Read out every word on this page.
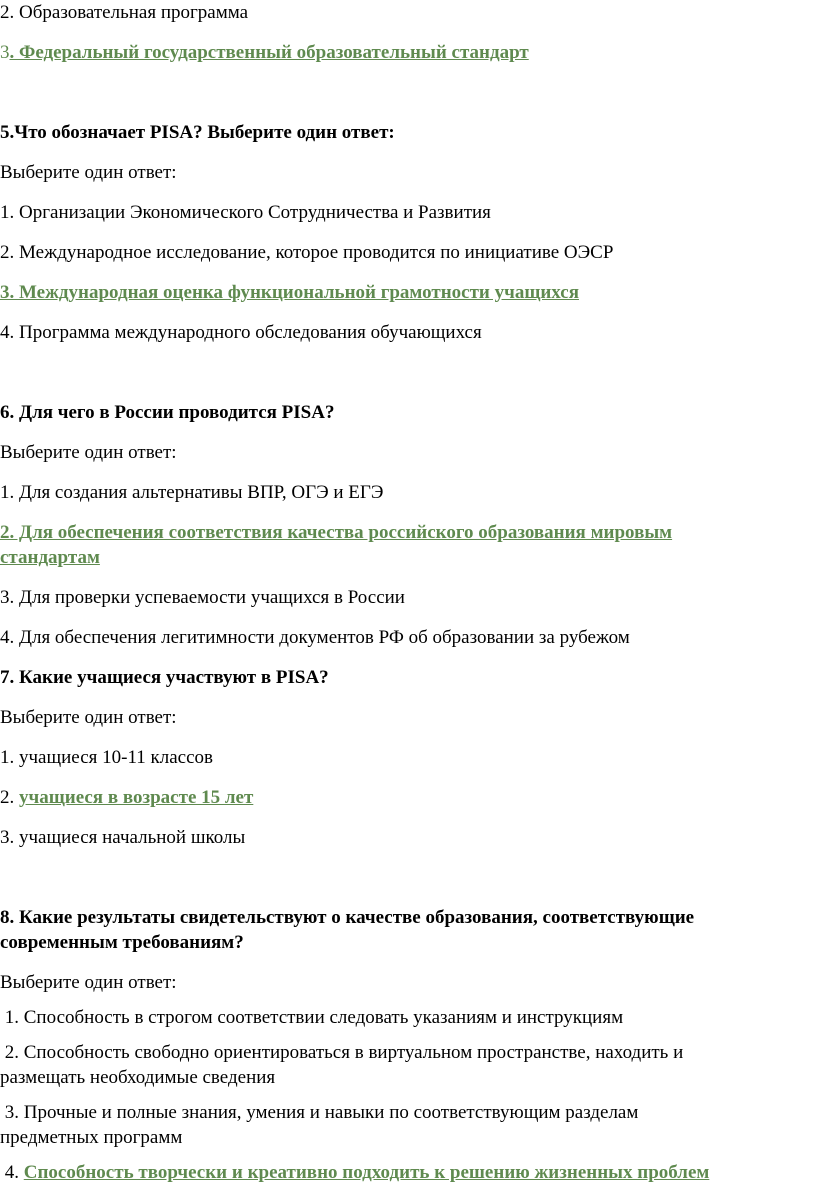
2. Образовательная программа

3. Федеральный государственный образовательный стандарт

5.Что обозначает PISA? Выберите один ответ:

Выберите один ответ:

1. Организации Экономического Сотрудничества и Развития

2. Международное исследование, которое проводится по инициативе ОЭСР

3. Международная оценка функциональной грамотности учащихся

4. Программа международного обследования обучающихся

6. Для чего в России проводится PISA?

Выберите один ответ:

1. Для создания альтернативы ВПР, ОГЭ и ЕГЭ

2. Для обеспечения соответствия качества российского образования мировым

стандартам

3. Для проверки успеваемости учащихся в России

4. Для обеспечения легитимности документов РФ об образовании за рубежом

7. Какие учащиеся участвуют в PISA?

Выберите один ответ:

1. учащиеся 10-11 классов

2. учащиеся в возрасте 15 лет

3. учащиеся начальной школы

8. Какие результаты свидетельствуют о качестве образования, соответствующие

современным требованиям?

Выберите один ответ:

1. Способность в строгом соответствии следовать указаниям и инструкциям

2. Способность свободно ориентироваться в виртуальном пространстве, находить и

размещать необходимые сведения

3. Прочные и полные знания, умения и навыки по соответствующим разделам

предметных программ

4. Способность творчески и креативно подходить к решению жизненных проблем
